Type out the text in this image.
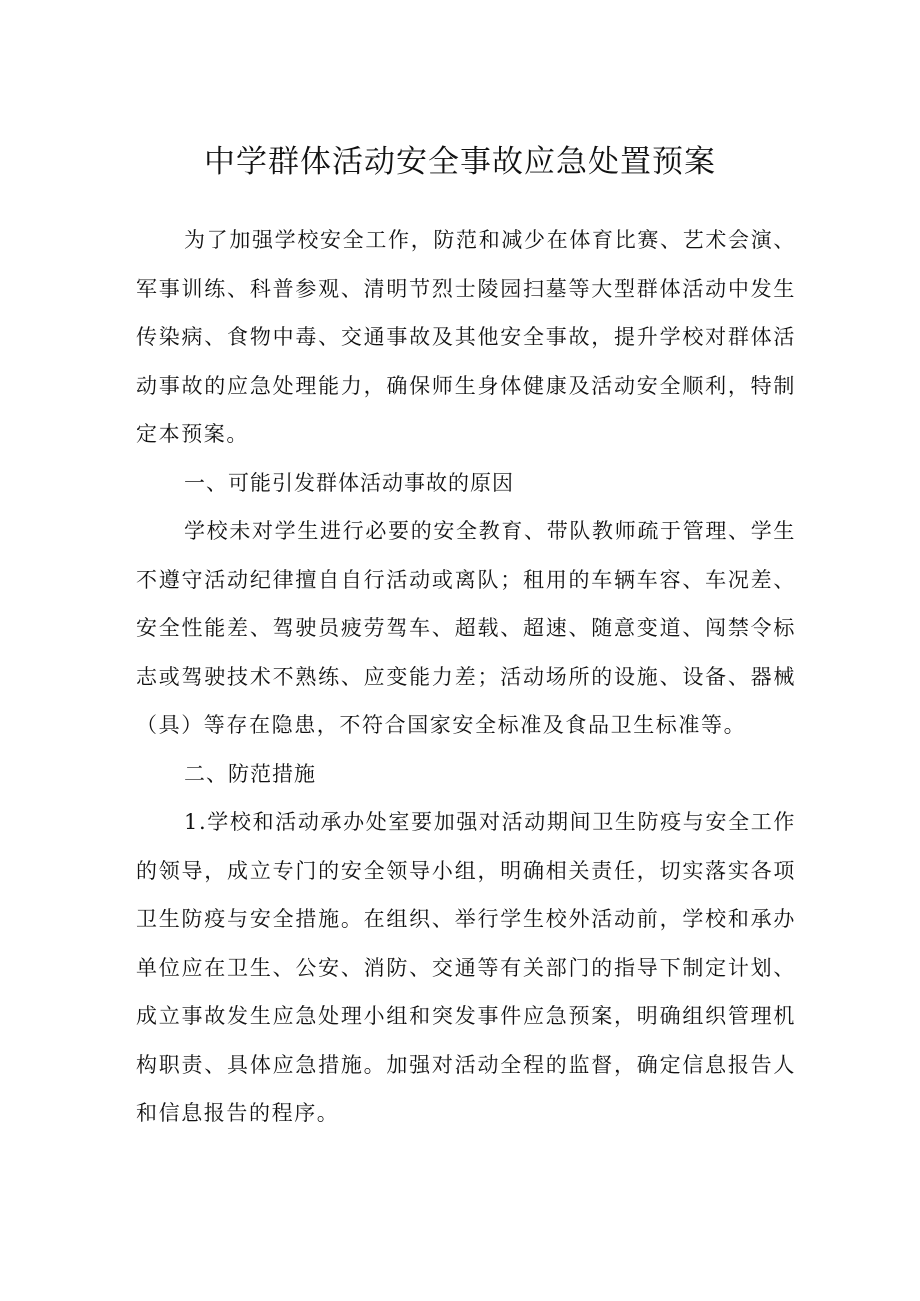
中学群体活动安全事故应急处置预案

为了加强学校安全工作，防范和减少在体育比赛、艺术会演、军事训练、科普参观、清明节烈士陵园扫墓等大型群体活动中发生传染病、食物中毒、交通事故及其他安全事故，提升学校对群体活动事故的应急处理能力，确保师生身体健康及活动安全顺利，特制定本预案。

一、可能引发群体活动事故的原因

学校未对学生进行必要的安全教育、带队教师疏于管理、学生不遵守活动纪律擅自自行活动或离队；租用的车辆车容、车况差、安全性能差、驾驶员疲劳驾车、超载、超速、随意变道、闯禁令标志或驾驶技术不熟练、应变能力差；活动场所的设施、设备、器械（具）等存在隐患，不符合国家安全标准及食品卫生标准等。

二、防范措施

1.学校和活动承办处室要加强对活动期间卫生防疫与安全工作的领导，成立专门的安全领导小组，明确相关责任，切实落实各项卫生防疫与安全措施。在组织、举行学生校外活动前，学校和承办单位应在卫生、公安、消防、交通等有关部门的指导下制定计划、成立事故发生应急处理小组和突发事件应急预案，明确组织管理机构职责、具体应急措施。加强对活动全程的监督，确定信息报告人和信息报告的程序。
